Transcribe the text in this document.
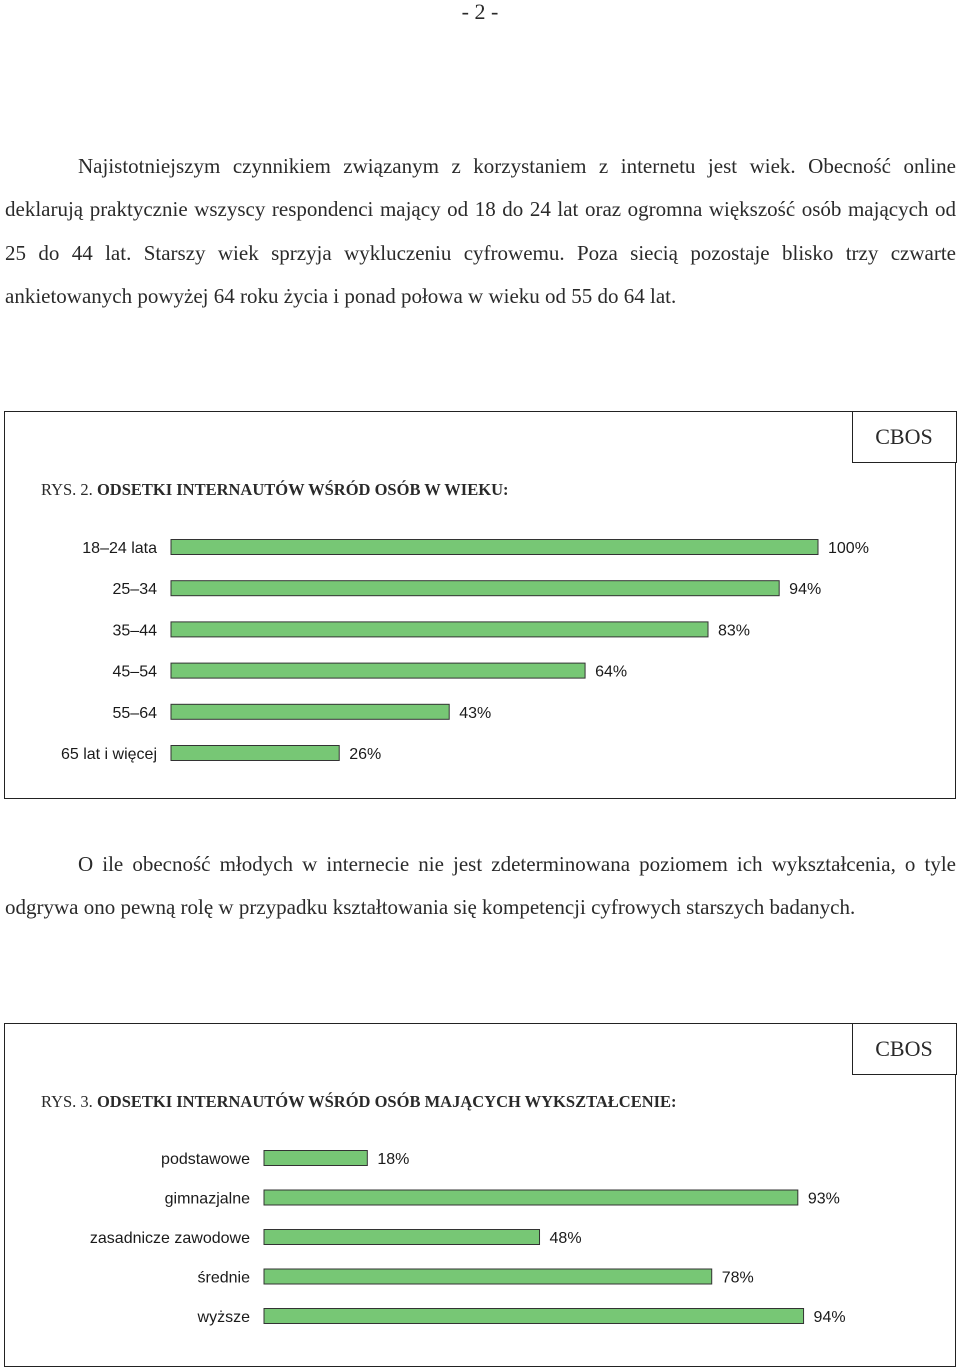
- 2 -

Najistotniejszym czynnikiem związanym z korzystaniem z internetu jest wiek. Obecność online deklarują praktycznie wszyscy respondenci mający od 18 do 24 lat oraz ogromna większość osób mających od 25 do 44 lat. Starszy wiek sprzyja wykluczeniu cyfrowemu. Poza siecią pozostaje blisko trzy czwarte ankietowanych powyżej 64 roku życia i ponad połowa w wieku od 55 do 64 lat.

CBOS
RYS. 2. ODSETKI INTERNAUTÓW WŚRÓD OSÓB W WIEKU:
18–24 lata	100%
25–34	94%
35–44	83%
45–54	64%
55–64	43%
65 lat i więcej	26%

O ile obecność młodych w internecie nie jest zdeterminowana poziomem ich wykształcenia, o tyle odgrywa ono pewną rolę w przypadku kształtowania się kompetencji cyfrowych starszych badanych.

CBOS
RYS. 3. ODSETKI INTERNAUTÓW WŚRÓD OSÓB MAJĄCYCH WYKSZTAŁCENIE:
podstawowe	18%
gimnazjalne	93%
zasadnicze zawodowe	48%
średnie	78%
wyższe	94%
